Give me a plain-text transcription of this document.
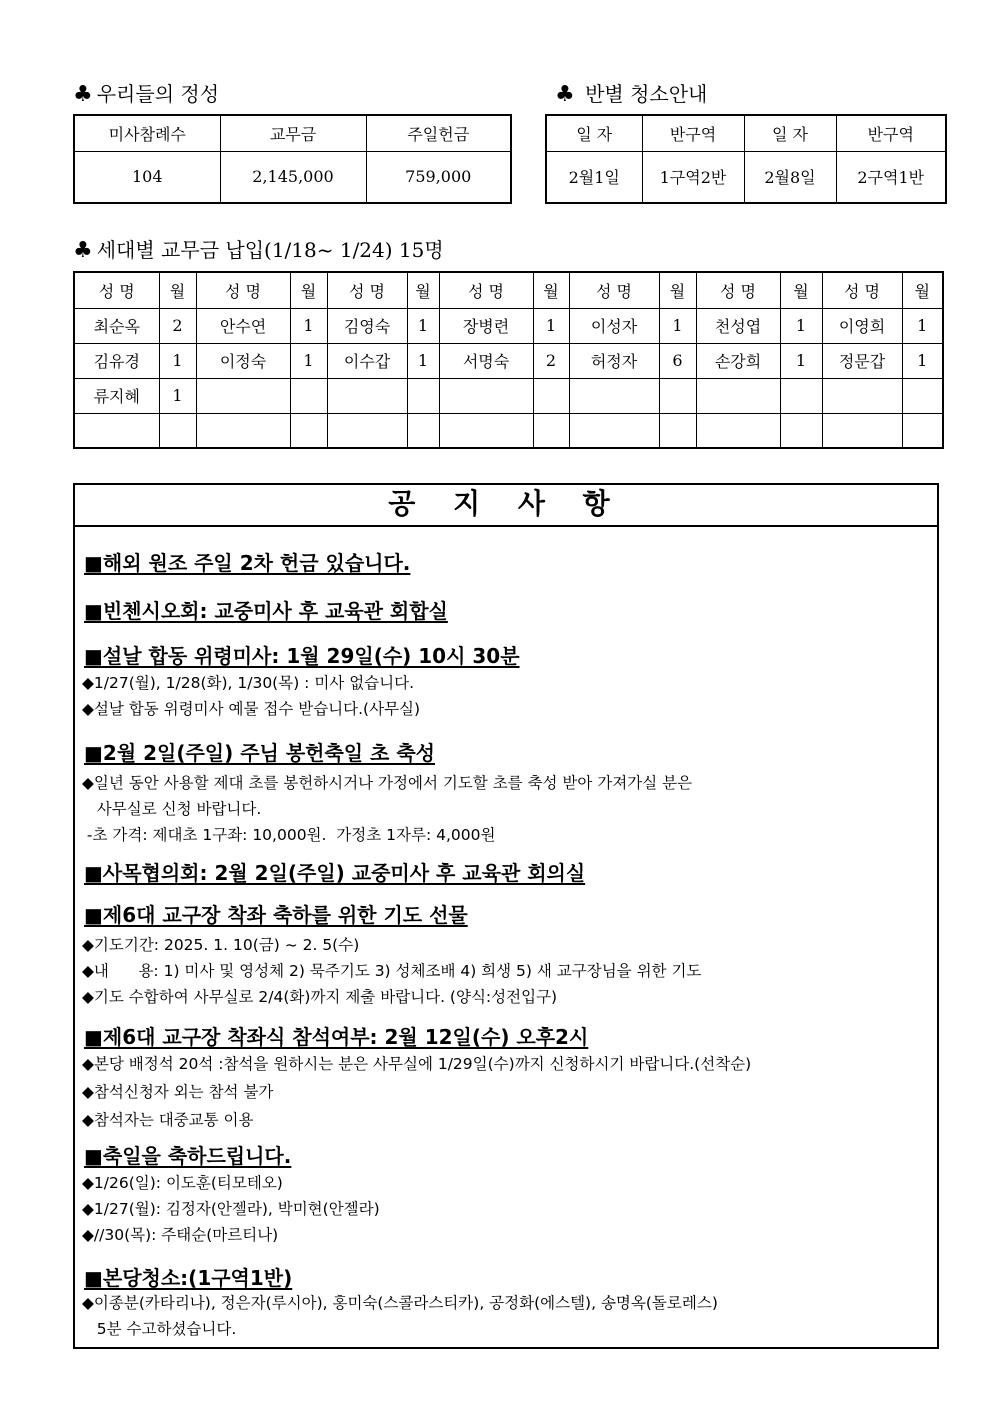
♣ 우리들의 정성
미사참례수	교무금	주일헌금
104	2,145,000	759,000
♣ 반별 청소안내
일 자	반구역	일 자	반구역
2월1일	1구역2반	2월8일	2구역1반
♣ 세대별 교무금 납입(1/18~ 1/24) 15명
성 명	월	성 명	월	성 명	월	성 명	월	성 명	월	성 명	월	성 명	월
최순옥	2	안수연	1	김영숙	1	장병련	1	이성자	1	천성엽	1	이영희	1
김유경	1	이정숙	1	이수갑	1	서명숙	2	허정자	6	손강희	1	정문갑	1
류지혜	1												

공 지 사 항
■해외 원조 주일 2차 헌금 있습니다.
■빈첸시오회: 교중미사 후 교육관 회합실
■설날 합동 위령미사: 1월 29일(수) 10시 30분
◆1/27(월), 1/28(화), 1/30(목) : 미사 없습니다.
◆설날 합동 위령미사 예물 접수 받습니다.(사무실)
■2월 2일(주일) 주님 봉헌축일 초 축성
◆일년 동안 사용할 제대 초를 봉헌하시거나 가정에서 기도할 초를 축성 받아 가져가실 분은
사무실로 신청 바랍니다.
-초 가격: 제대초 1구좌: 10,000원.  가정초 1자루: 4,000원
■사목협의회: 2월 2일(주일) 교중미사 후 교육관 회의실
■제6대 교구장 착좌 축하를 위한 기도 선물
◆기도기간: 2025. 1. 10(금) ~ 2. 5(수)
◆내      용: 1) 미사 및 영성체 2) 묵주기도 3) 성체조배 4) 희생 5) 새 교구장님을 위한 기도
◆기도 수합하여 사무실로 2/4(화)까지 제출 바랍니다. (양식:성전입구)
■제6대 교구장 착좌식 참석여부: 2월 12일(수) 오후2시
◆본당 배정석 20석 :참석을 원하시는 분은 사무실에 1/29일(수)까지 신청하시기 바랍니다.(선착순)
◆참석신청자 외는 참석 불가
◆참석자는 대중교통 이용
■축일을 축하드립니다.
◆1/26(일): 이도훈(티모테오)
◆1/27(월): 김정자(안젤라), 박미현(안젤라)
◆//30(목): 주태순(마르티나)
■본당청소:(1구역1반)
◆이종분(카타리나), 정은자(루시아), 홍미숙(스콜라스티카), 공정화(에스텔), 송명옥(돌로레스)
5분 수고하셨습니다.
